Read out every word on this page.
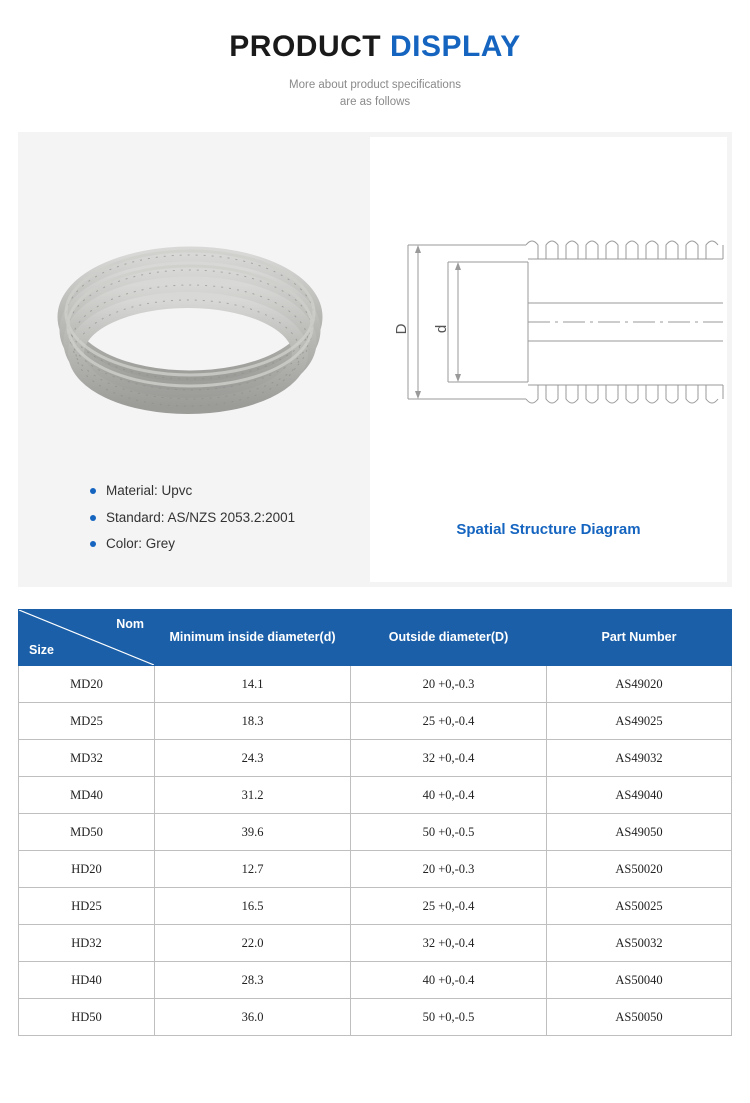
PRODUCT DISPLAY
More about product specifications
are as follows
Material: Upvc
Standard: AS/NZS 2053.2:2001
Color: Grey
D d
Spatial Structure Diagram
Nom
Size	Minimum inside diameter(d)	Outside diameter(D)	Part Number
MD20	14.1	20 +0,-0.3	AS49020
MD25	18.3	25 +0,-0.4	AS49025
MD32	24.3	32 +0,-0.4	AS49032
MD40	31.2	40 +0,-0.4	AS49040
MD50	39.6	50 +0,-0.5	AS49050
HD20	12.7	20 +0,-0.3	AS50020
HD25	16.5	25 +0,-0.4	AS50025
HD32	22.0	32 +0,-0.4	AS50032
HD40	28.3	40 +0,-0.4	AS50040
HD50	36.0	50 +0,-0.5	AS50050
